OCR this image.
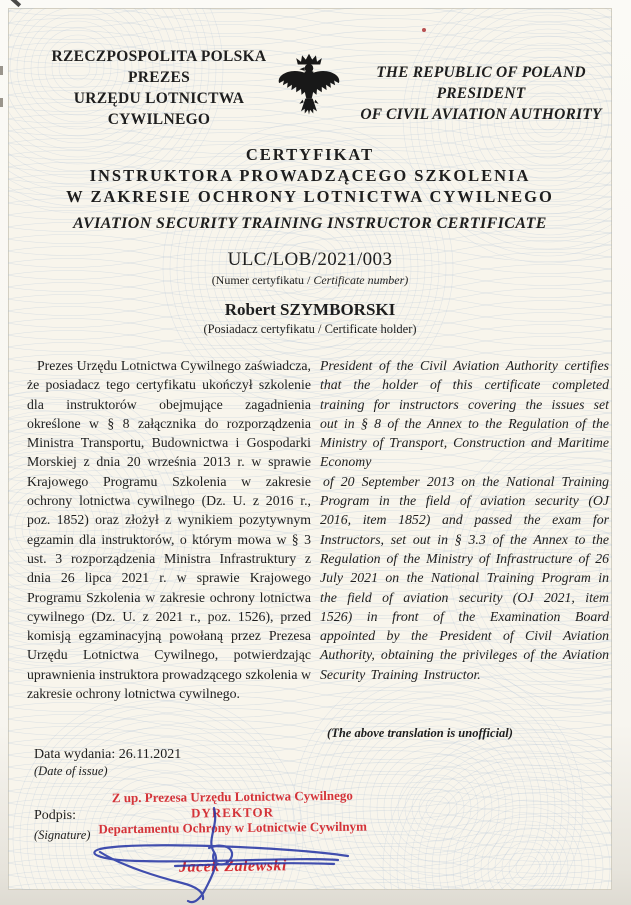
RZECZPOSPOLITA POLSKA
PREZES
URZĘDU LOTNICTWA
CYWILNEGO
THE REPUBLIC OF POLAND
PRESIDENT
OF CIVIL AVIATION AUTHORITY
CERTYFIKAT
INSTRUKTORA PROWADZĄCEGO SZKOLENIA
W ZAKRESIE OCHRONY LOTNICTWA CYWILNEGO
AVIATION SECURITY TRAINING INSTRUCTOR CERTIFICATE
ULC/LOB/2021/003
(Numer certyfikatu / Certificate number)
Robert SZYMBORSKI
(Posiadacz certyfikatu / Certificate holder)
Prezes Urzędu Lotnictwa Cywilnego zaświadcza, że posiadacz tego certyfikatu ukończył szkolenie dla instruktorów obejmujące zagadnienia określone w § 8 załącznika do rozporządzenia Ministra Transportu, Budownictwa i Gospodarki Morskiej z dnia 20 września 2013 r. w sprawie Krajowego Programu Szkolenia w zakresie ochrony lotnictwa cywilnego (Dz. U. z 2016 r., poz. 1852) oraz złożył z wynikiem pozytywnym egzamin dla instruktorów, o którym mowa w § 3 ust. 3 rozporządzenia Ministra Infrastruktury z dnia 26 lipca 2021 r. w sprawie Krajowego Programu Szkolenia w zakresie ochrony lotnictwa cywilnego (Dz. U. z 2021 r., poz. 1526), przed komisją egzaminacyjną powołaną przez Prezesa Urzędu Lotnictwa Cywilnego, potwierdzając uprawnienia instruktora prowadzącego szkolenia w zakresie ochrony lotnictwa cywilnego.

President of the Civil Aviation Authority certifies that the holder of this certificate completed training for instructors covering the issues set out in § 8 of the Annex to the Regulation of the Ministry of Transport, Construction and Maritime Economy

of 20 September 2013 on the National Training Program in the field of aviation security (OJ 2016, item 1852) and passed the exam for Instructors, set out in § 3.3 of the Annex to the Regulation of the Ministry of Infrastructure of 26 July 2021 on the National Training Program in the field of aviation security (OJ 2021, item 1526) in front of the Examination Board appointed by the President of Civil Aviation Authority, obtaining the privileges of the Aviation Security Training Instructor.

(The above translation is unofficial)
Data wydania: 26.11.2021
(Date of issue)
Podpis:
(Signature)
Z up. Prezesa Urzędu Lotnictwa Cywilnego
DYREKTOR
Departamentu Ochrony w Lotnictwie Cywilnym
Jacek Zalewski
